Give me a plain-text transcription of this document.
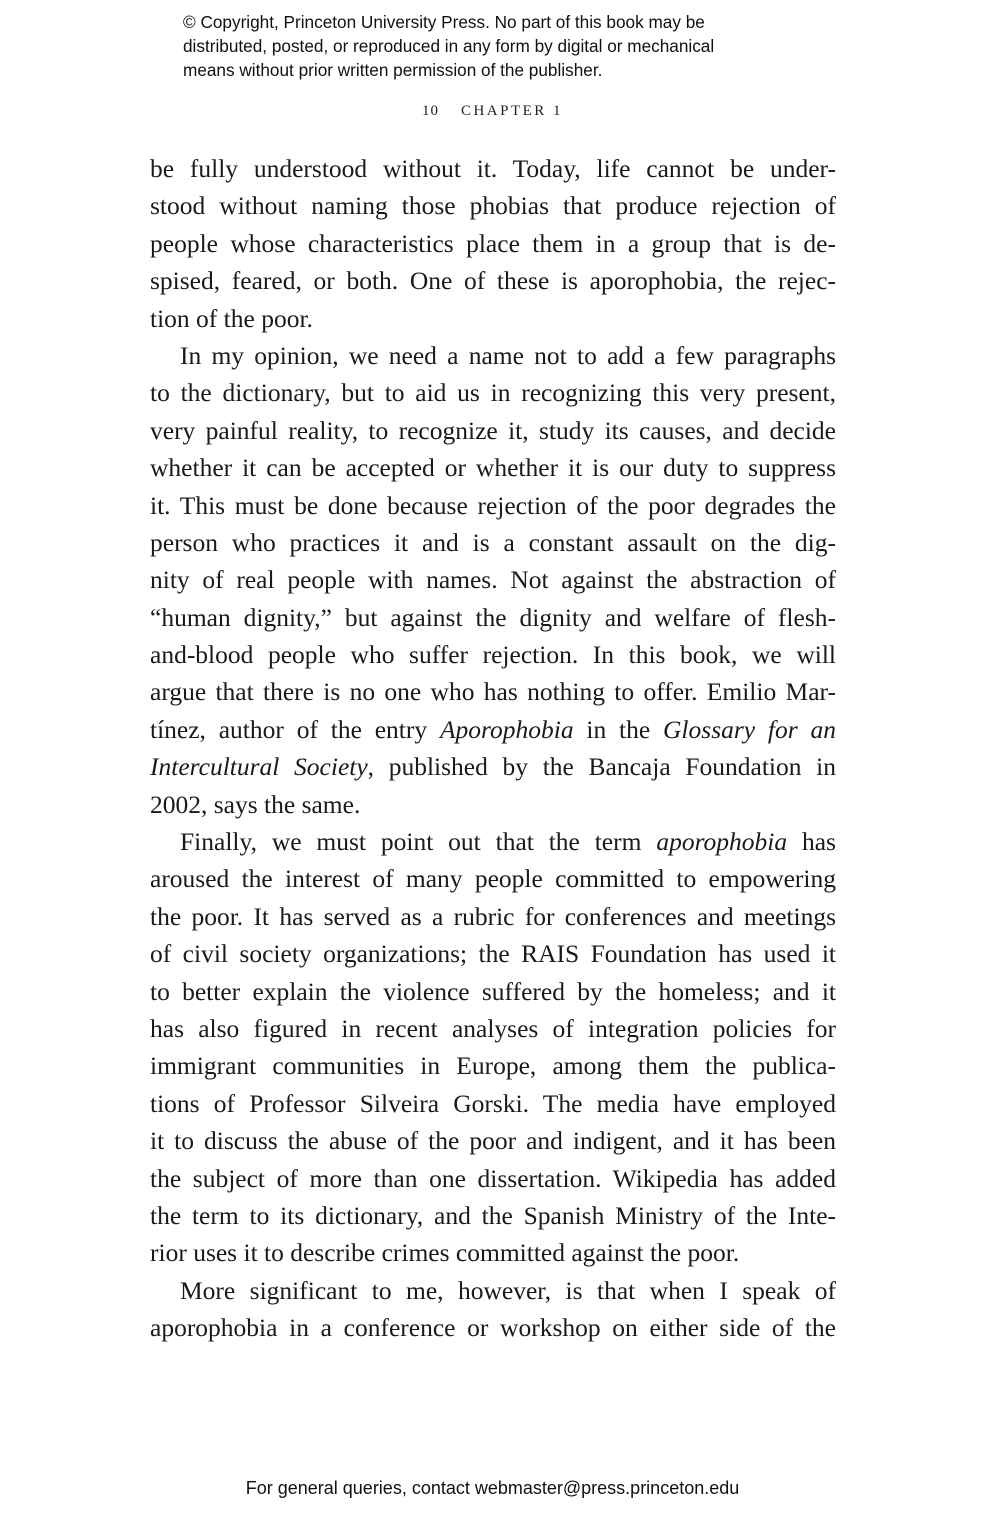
© Copyright, Princeton University Press. No part of this book may be
distributed, posted, or reproduced in any form by digital or mechanical
means without prior written permission of the publisher.
10 CHAPTER 1
be fully understood without it. Today, life cannot be under-
stood without naming those phobias that produce rejection of
people whose characteristics place them in a group that is de-
spised, feared, or both. One of these is aporophobia, the rejec-
tion of the poor.
In my opinion, we need a name not to add a few paragraphs
to the dictionary, but to aid us in recognizing this very present,
very painful reality, to recognize it, study its causes, and decide
whether it can be accepted or whether it is our duty to suppress
it. This must be done because rejection of the poor degrades the
person who practices it and is a constant assault on the dig-
nity of real people with names. Not against the abstraction of
“human dignity,” but against the dignity and welfare of flesh-
and-blood people who suffer rejection. In this book, we will
argue that there is no one who has nothing to offer. Emilio Mar-
tínez, author of the entry Aporophobia in the Glossary for an
Intercultural Society, published by the Bancaja Foundation in
2002, says the same.
Finally, we must point out that the term aporophobia has
aroused the interest of many people committed to empowering
the poor. It has served as a rubric for conferences and meetings
of civil society organizations; the RAIS Foundation has used it
to better explain the violence suffered by the homeless; and it
has also figured in recent analyses of integration policies for
immigrant communities in Europe, among them the publica-
tions of Professor Silveira Gorski. The media have employed
it to discuss the abuse of the poor and indigent, and it has been
the subject of more than one dissertation. Wikipedia has added
the term to its dictionary, and the Spanish Ministry of the Inte-
rior uses it to describe crimes committed against the poor.
More significant to me, however, is that when I speak of
aporophobia in a conference or workshop on either side of the
For general queries, contact webmaster@press.princeton.edu
